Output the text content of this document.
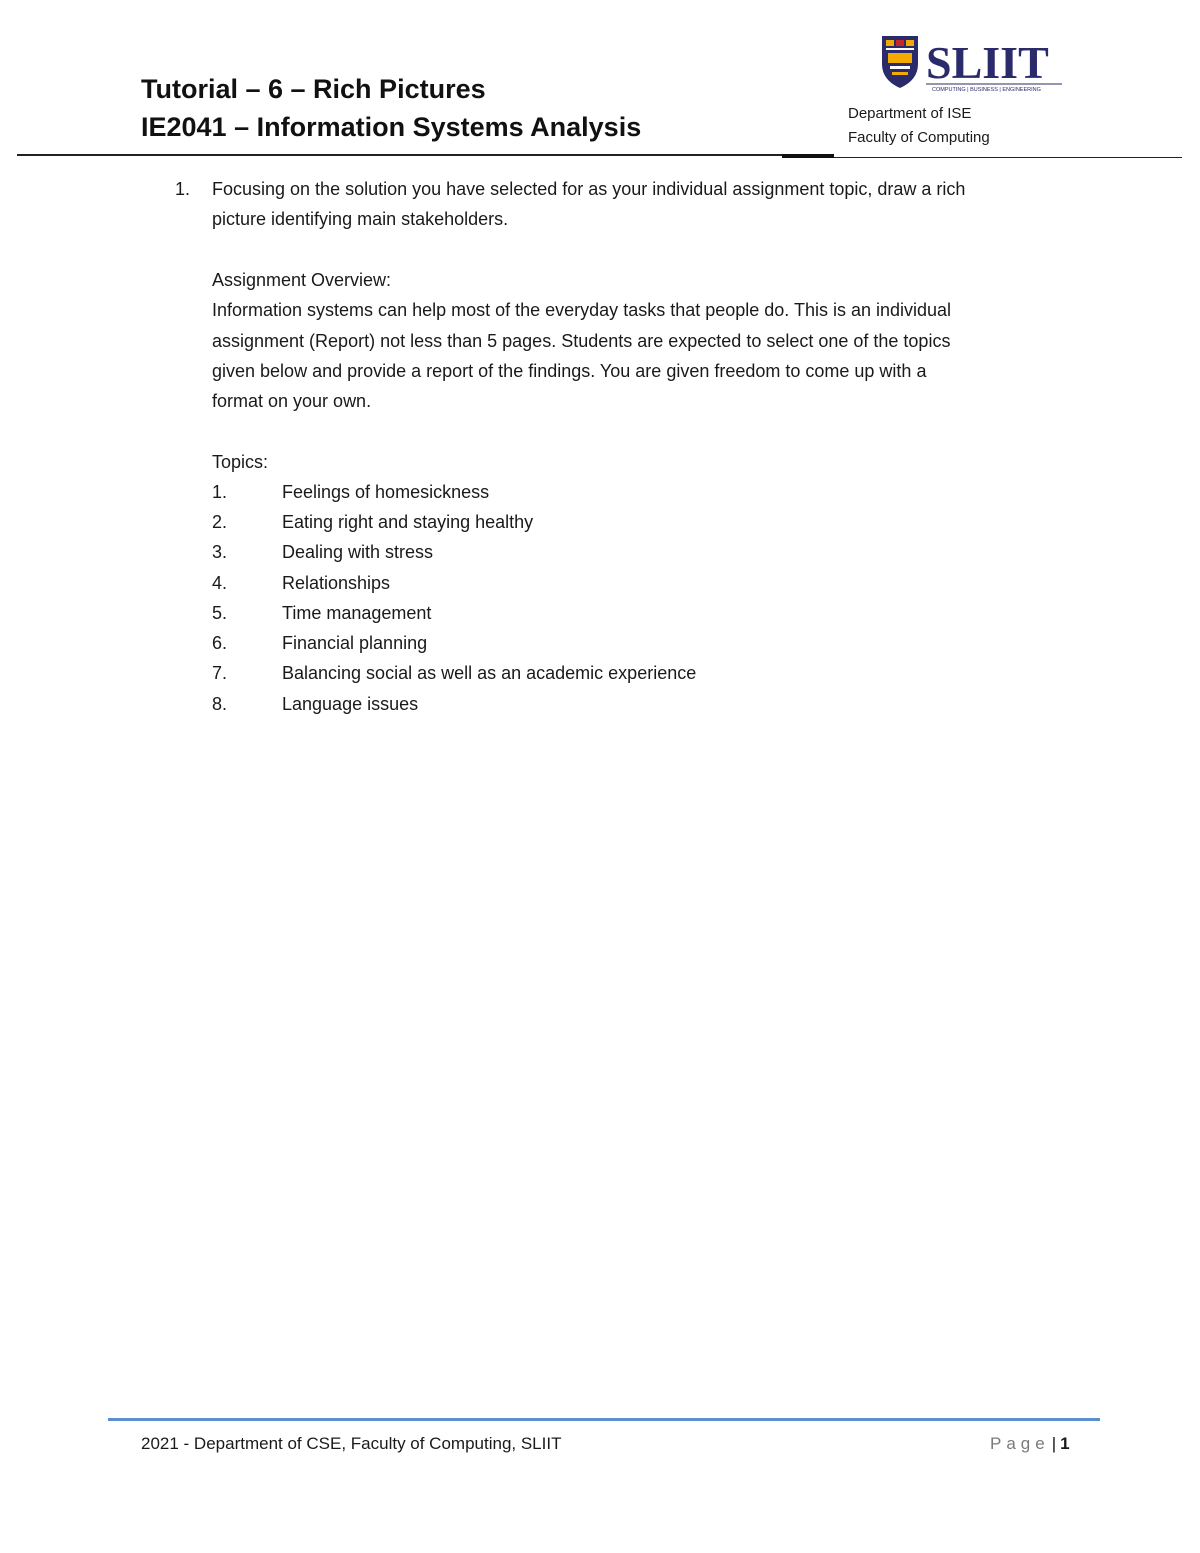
Tutorial – 6 – Rich Pictures
IE2041 – Information Systems Analysis
SLIIT
COMPUTING | BUSINESS | ENGINEERING
Department of ISE
Faculty of Computing
1. Focusing on the solution you have selected for as your individual assignment topic, draw a rich
picture identifying main stakeholders.
Assignment Overview:
Information systems can help most of the everyday tasks that people do. This is an individual
assignment (Report) not less than 5 pages. Students are expected to select one of the topics
given below and provide a report of the findings. You are given freedom to come up with a
format on your own.
Topics:
1.	Feelings of homesickness
2.	Eating right and staying healthy
3.	Dealing with stress
4.	Relationships
5.	Time management
6.	Financial planning
7.	Balancing social as well as an academic experience
8.	Language issues
2021 - Department of CSE, Faculty of Computing, SLIIT	Page | 1
